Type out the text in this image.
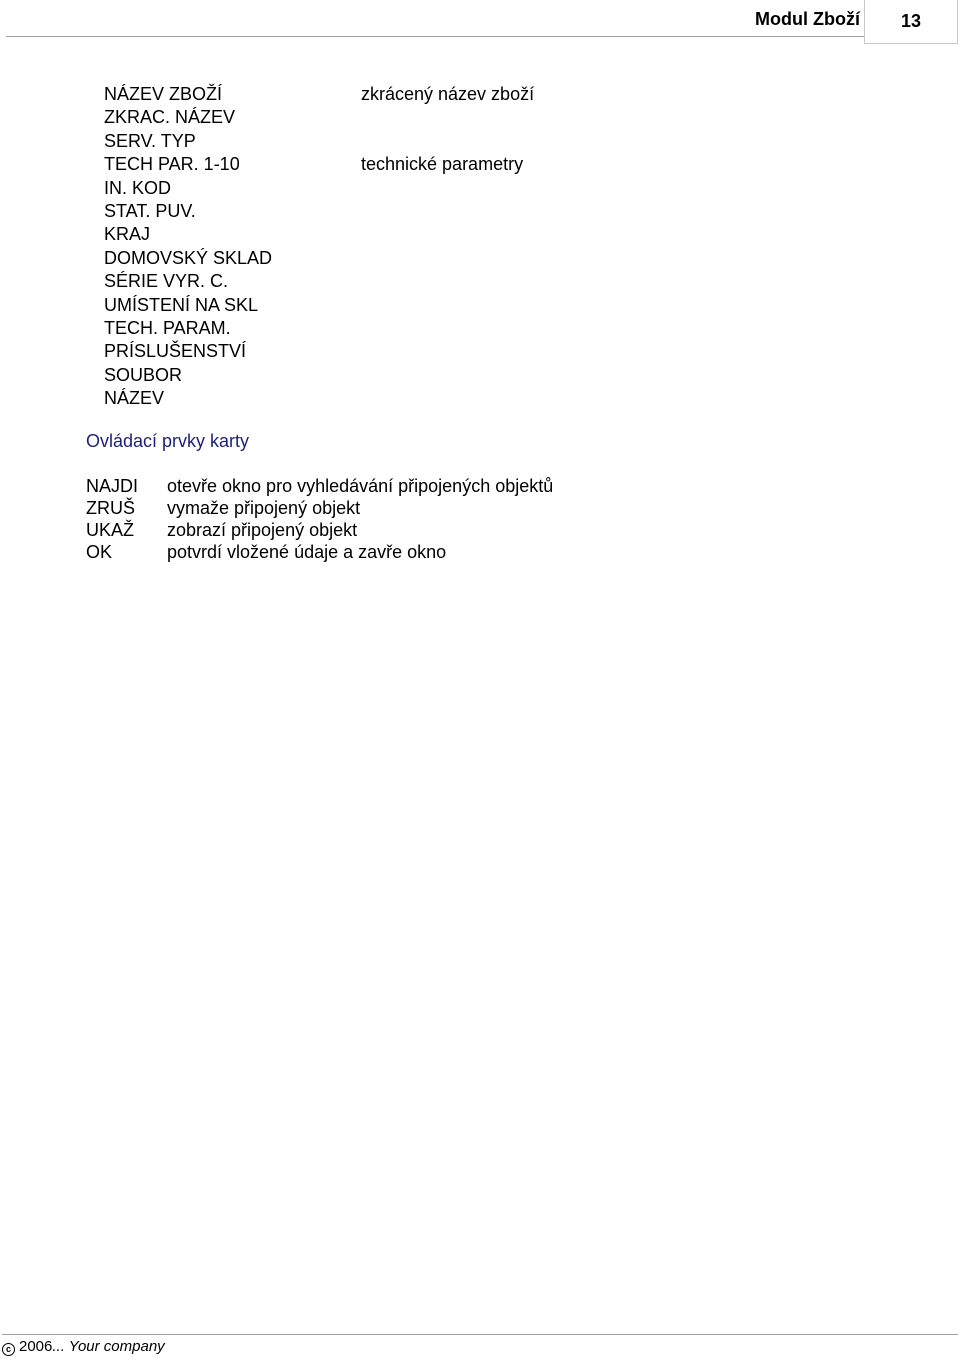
Modul Zboží 13
NÁZEV ZBOŽÍ
ZKRAC. NÁZEV
SERV. TYP
TECH PAR. 1-10
IN. KOD
STAT. PUV.
KRAJ
DOMOVSKÝ SKLAD
SÉRIE VYR. C.
UMÍSTENÍ NA SKL
TECH. PARAM.
PRÍSLUŠENSTVÍ
SOUBOR
NÁZEV
zkrácený název zboží
technické parametry
Ovládací prvky karty
NAJDI otevře okno pro vyhledávání připojených objektů
ZRUŠ vymaže připojený objekt
UKAŽ zobrazí připojený objekt
OK	potvrdí vložené údaje a zavře okno
c 2006... Your company
